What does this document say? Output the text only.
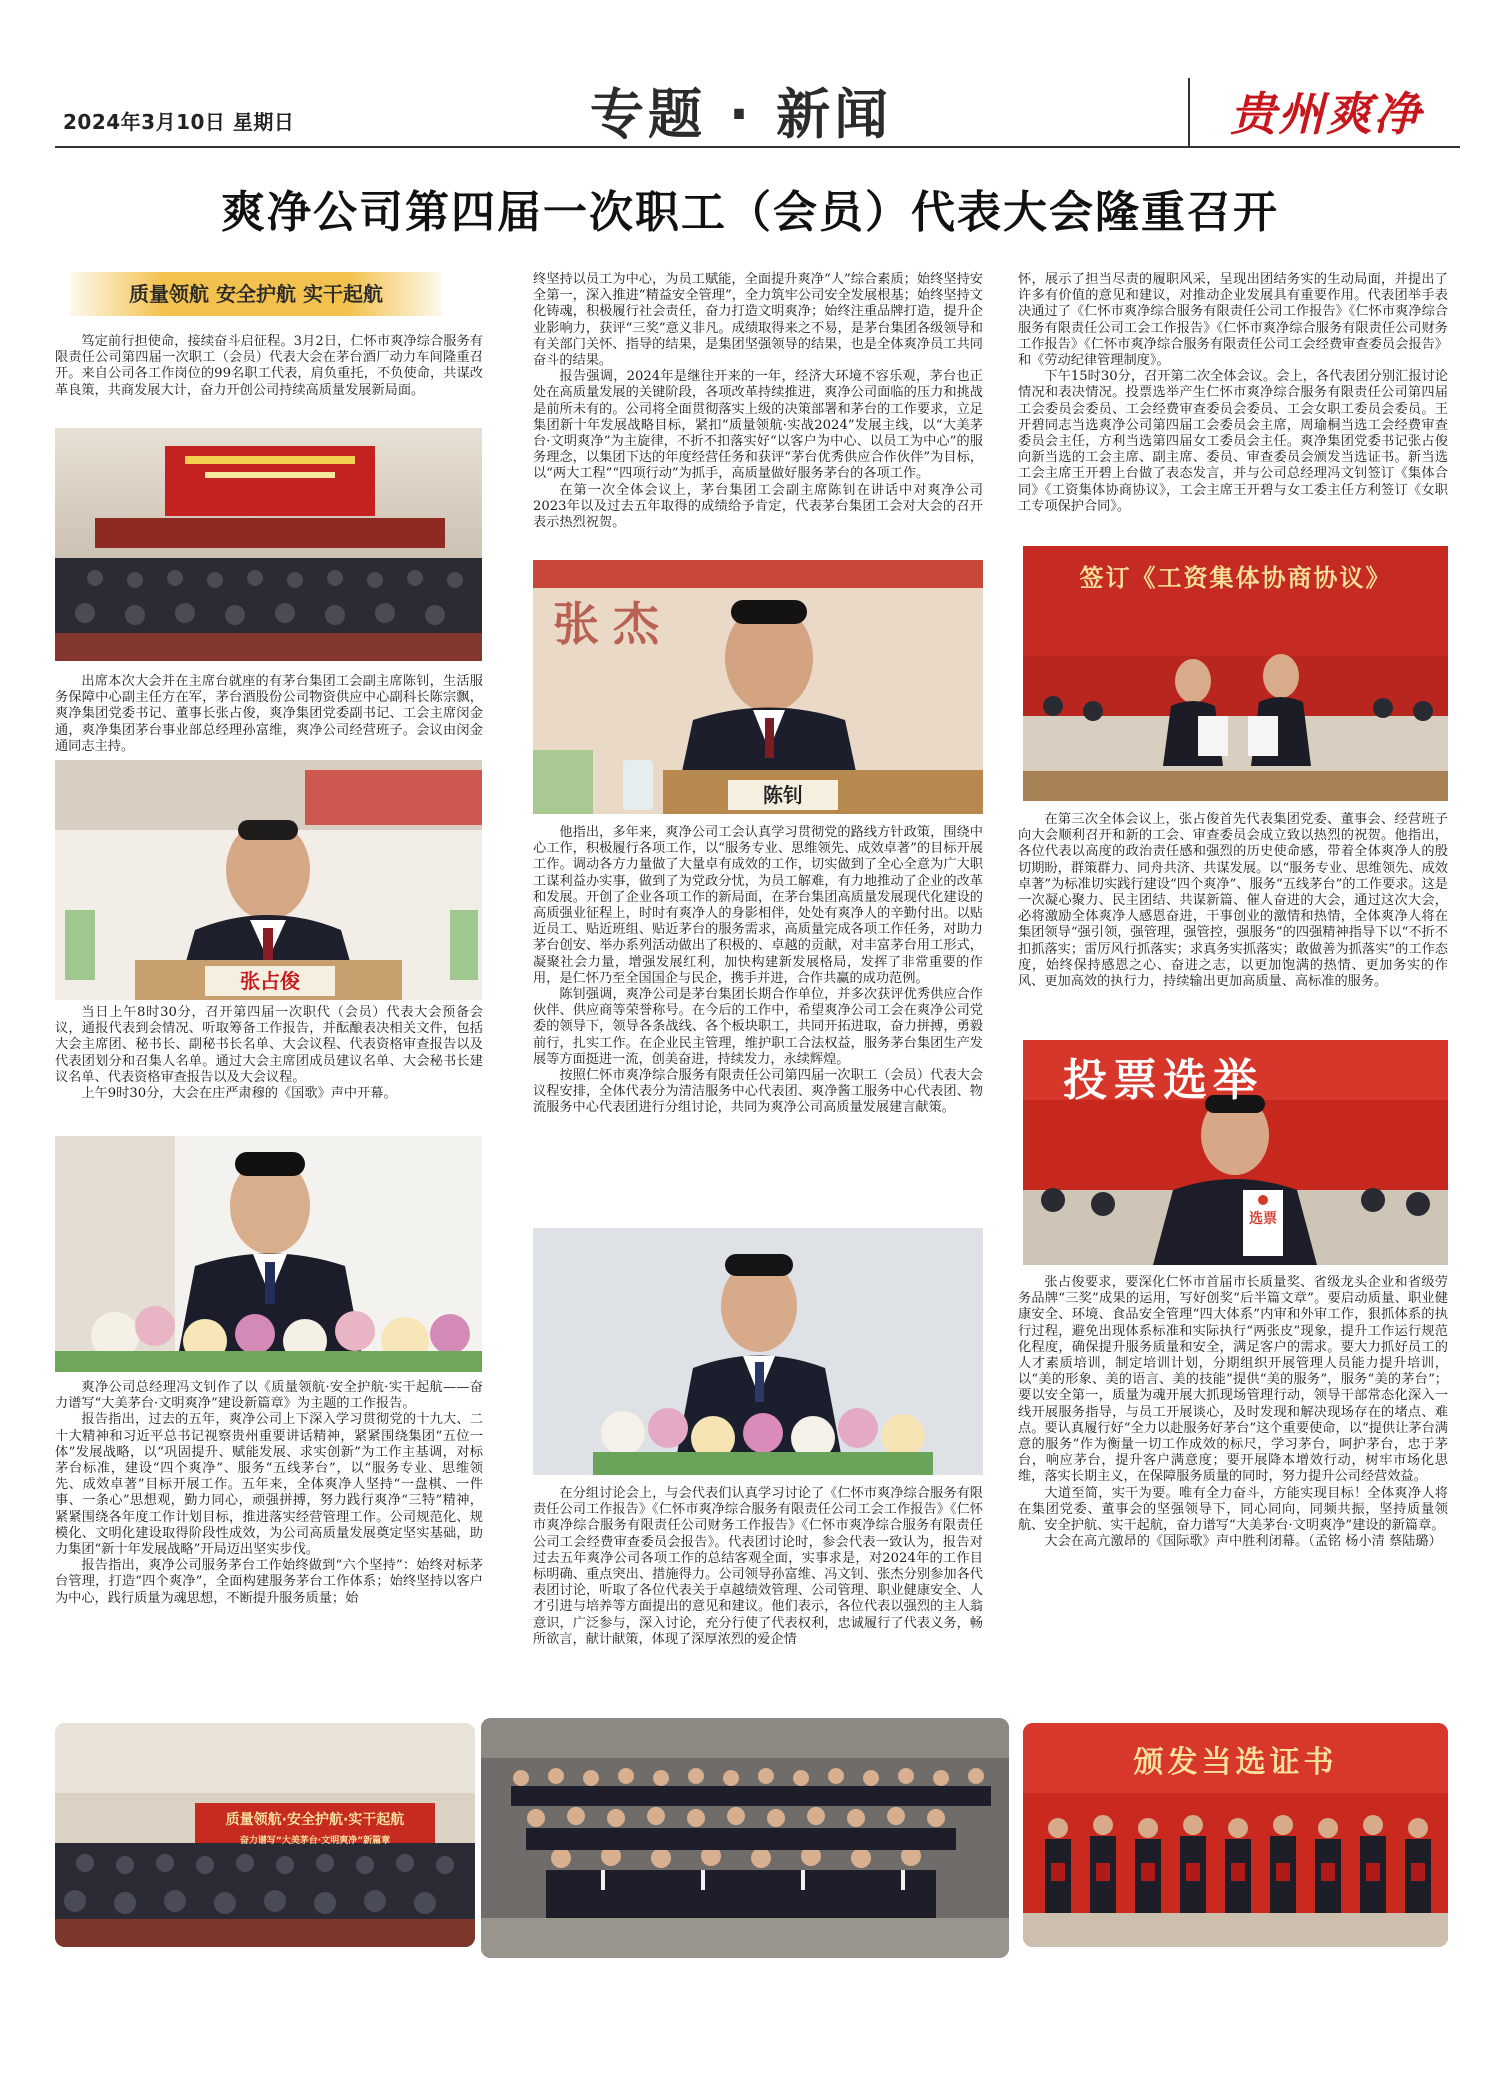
2024年3月10日 星期日	专题 · 新闻	贵州爽净
爽净公司第四届一次职工（会员）代表大会隆重召开
质量领航 安全护航 实干起航

笃定前行担使命，接续奋斗启征程。3月2日，仁怀市爽净综合服务有限责任公司第四届一次职工（会员）代表大会在茅台酒厂动力车间隆重召开。来自公司各工作岗位的99名职工代表，肩负重托，不负使命，共谋改革良策，共商发展大计，奋力开创公司持续高质量发展新局面。

出席本次大会并在主席台就座的有茅台集团工会副主席陈钊，生活服务保障中心副主任方在军，茅台酒股份公司物资供应中心副科长陈宗飘，爽净集团党委书记、董事长张占俊，爽净集团党委副书记、工会主席闵金通，爽净集团茅台事业部总经理孙富维，爽净公司经营班子。会议由闵金通同志主持。

张占俊

当日上午8时30分，召开第四届一次职代（会员）代表大会预备会议，通报代表到会情况、听取筹备工作报告，并酝酿表决相关文件，包括大会主席团、秘书长、副秘书长名单、大会议程、代表资格审查报告以及代表团划分和召集人名单。通过大会主席团成员建议名单、大会秘书长建议名单、代表资格审查报告以及大会议程。

上午9时30分，大会在庄严肃穆的《国歌》声中开幕。

爽净公司总经理冯文钊作了以《质量领航·安全护航·实干起航——奋力谱写“大美茅台·文明爽净”建设新篇章》为主题的工作报告。

报告指出，过去的五年，爽净公司上下深入学习贯彻党的十九大、二十大精神和习近平总书记视察贵州重要讲话精神，紧紧围绕集团“五位一体”发展战略，以“巩固提升、赋能发展、求实创新”为工作主基调，对标茅台标准，建设“四个爽净”、服务“五线茅台”，以“服务专业、思维领先、成效卓著”目标开展工作。五年来，全体爽净人坚持“一盘棋、一件事、一条心”思想观，勤力同心，顽强拼搏，努力践行爽净“三特”精神，紧紧围绕各年度工作计划目标，推进落实经营管理工作。公司规范化、规模化、文明化建设取得阶段性成效，为公司高质量发展奠定坚实基础，助力集团“新十年发展战略”开局迈出坚实步伐。

报告指出，爽净公司服务茅台工作始终做到“六个坚持”：始终对标茅台管理，打造“四个爽净”，全面构建服务茅台工作体系；始终坚持以客户为中心，践行质量为魂思想，不断提升服务质量；始

终坚持以员工为中心，为员工赋能，全面提升爽净“人”综合素质；始终坚持安全第一，深入推进“精益安全管理”，全力筑牢公司安全发展根基；始终坚持文化铸魂，积极履行社会责任，奋力打造文明爽净；始终注重品牌打造，提升企业影响力，获评“三奖”意义非凡。成绩取得来之不易，是茅台集团各级领导和有关部门关怀、指导的结果，是集团坚强领导的结果，也是全体爽净员工共同奋斗的结果。

报告强调，2024年是继往开来的一年，经济大环境不容乐观，茅台也正处在高质量发展的关键阶段，各项改革持续推进，爽净公司面临的压力和挑战是前所未有的。公司将全面贯彻落实上级的决策部署和茅台的工作要求，立足集团新十年发展战略目标，紧扣“质量领航·实战2024”发展主线，以“大美茅台·文明爽净”为主旋律，不折不扣落实好“以客户为中心、以员工为中心”的服务理念，以集团下达的年度经营任务和获评“茅台优秀供应合作伙伴”为目标，以“两大工程”“四项行动”为抓手，高质量做好服务茅台的各项工作。

在第一次全体会议上，茅台集团工会副主席陈钊在讲话中对爽净公司2023年以及过去五年取得的成绩给予肯定，代表茅台集团工会对大会的召开表示热烈祝贺。

张杰
陈钊

他指出，多年来，爽净公司工会认真学习贯彻党的路线方针政策，围绕中心工作，积极履行各项工作，以“服务专业、思维领先、成效卓著”的目标开展工作。调动各方力量做了大量卓有成效的工作，切实做到了全心全意为广大职工谋利益办实事，做到了为党政分忧，为员工解难，有力地推动了企业的改革和发展。开创了企业各项工作的新局面，在茅台集团高质量发展现代化建设的高质强业征程上，时时有爽净人的身影相伴，处处有爽净人的辛勤付出。以贴近员工、贴近班组、贴近茅台的服务需求，高质量完成各项工作任务，对助力茅台创安、举办系列活动做出了积极的、卓越的贡献，对丰富茅台用工形式，凝聚社会力量，增强发展红利，加快构建新发展格局，发挥了非常重要的作用，是仁怀乃至全国国企与民企，携手并进，合作共赢的成功范例。

陈钊强调，爽净公司是茅台集团长期合作单位，并多次获评优秀供应合作伙伴、供应商等荣誉称号。在今后的工作中，希望爽净公司工会在爽净公司党委的领导下，领导各条战线、各个板块职工，共同开拓进取，奋力拼搏，勇毅前行，扎实工作。在企业民主管理，维护职工合法权益，服务茅台集团生产发展等方面挺进一流，创美奋进，持续发力，永续辉煌。

按照仁怀市爽净综合服务有限责任公司第四届一次职工（会员）代表大会议程安排，全体代表分为清洁服务中心代表团、爽净酱工服务中心代表团、物流服务中心代表团进行分组讨论，共同为爽净公司高质量发展建言献策。

在分组讨论会上，与会代表们认真学习讨论了《仁怀市爽净综合服务有限责任公司工作报告》《仁怀市爽净综合服务有限责任公司工会工作报告》《仁怀市爽净综合服务有限责任公司财务工作报告》《仁怀市爽净综合服务有限责任公司工会经费审查委员会报告》。代表团讨论时，参会代表一致认为，报告对过去五年爽净公司各项工作的总结客观全面，实事求是，对2024年的工作目标明确、重点突出、措施得力。公司领导孙富维、冯文钊、张杰分别参加各代表团讨论，听取了各位代表关于卓越绩效管理、公司管理、职业健康安全、人才引进与培养等方面提出的意见和建议。他们表示，各位代表以强烈的主人翁意识，广泛参与，深入讨论，充分行使了代表权利，忠诚履行了代表义务，畅所欲言，献计献策，体现了深厚浓烈的爱企情

怀，展示了担当尽责的履职风采，呈现出团结务实的生动局面，并提出了许多有价值的意见和建议，对推动企业发展具有重要作用。代表团举手表决通过了《仁怀市爽净综合服务有限责任公司工作报告》《仁怀市爽净综合服务有限责任公司工会工作报告》《仁怀市爽净综合服务有限责任公司财务工作报告》《仁怀市爽净综合服务有限责任公司工会经费审查委员会报告》和《劳动纪律管理制度》。

下午15时30分，召开第二次全体会议。会上，各代表团分别汇报讨论情况和表决情况。投票选举产生仁怀市爽净综合服务有限责任公司第四届工会委员会委员、工会经费审查委员会委员、工会女职工委员会委员。王开碧同志当选爽净公司第四届工会委员会主席，周瑜桐当选工会经费审查委员会主任，方利当选第四届女工委员会主任。爽净集团党委书记张占俊向新当选的工会主席、副主席、委员、审查委员会颁发当选证书。新当选工会主席王开碧上台做了表态发言，并与公司总经理冯文钊签订《集体合同》《工资集体协商协议》，工会主席王开碧与女工委主任方利签订《女职工专项保护合同》。

签订《工资集体协商协议》

在第三次全体会议上，张占俊首先代表集团党委、董事会、经营班子向大会顺利召开和新的工会、审查委员会成立致以热烈的祝贺。他指出，各位代表以高度的政治责任感和强烈的历史使命感，带着全体爽净人的殷切期盼，群策群力、同舟共济、共谋发展。以“服务专业、思维领先、成效卓著”为标准切实践行建设“四个爽净”、服务“五线茅台”的工作要求。这是一次凝心聚力、民主团结、共谋新篇、催人奋进的大会，通过这次大会，必将激励全体爽净人感恩奋进，干事创业的激情和热情，全体爽净人将在集团领导“强引领，强管理，强管控，强服务”的四强精神指导下以“不折不扣抓落实；雷厉风行抓落实；求真务实抓落实；敢做善为抓落实”的工作态度，始终保持感恩之心、奋进之志，以更加饱满的热情、更加务实的作风、更加高效的执行力，持续输出更加高质量、高标准的服务。

投票选举
选票

张占俊要求，要深化仁怀市首届市长质量奖、省级龙头企业和省级劳务品牌“三奖”成果的运用，写好创奖“后半篇文章”。要启动质量、职业健康安全、环境、食品安全管理“四大体系”内审和外审工作，狠抓体系的执行过程，避免出现体系标准和实际执行“两张皮”现象，提升工作运行规范化程度，确保提升服务质量和安全，满足客户的需求。要大力抓好员工的人才素质培训，制定培训计划，分期组织开展管理人员能力提升培训，以“美的形象、美的语言、美的技能”提供“美的服务”，服务“美的茅台”；要以安全第一，质量为魂开展大抓现场管理行动，领导干部常态化深入一线开展服务指导，与员工开展谈心，及时发现和解决现场存在的堵点、难点。要认真履行好“全力以赴服务好茅台”这个重要使命，以“提供让茅台满意的服务”作为衡量一切工作成效的标尺，学习茅台，呵护茅台，忠于茅台，响应茅台，提升客户满意度；要开展降本增效行动，树牢市场化思维，落实长期主义，在保障服务质量的同时，努力提升公司经营效益。

大道至简，实干为要。唯有全力奋斗，方能实现目标！全体爽净人将在集团党委、董事会的坚强领导下，同心同向，同频共振，坚持质量领航、安全护航、实干起航，奋力谱写“大美茅台·文明爽净”建设的新篇章。

大会在高亢激昂的《国际歌》声中胜利闭幕。（孟铭 杨小清 蔡陆璐）

质量领航·安全护航·实干起航
奋力谱写“大美茅台·文明爽净”新篇章
颁发当选证书
